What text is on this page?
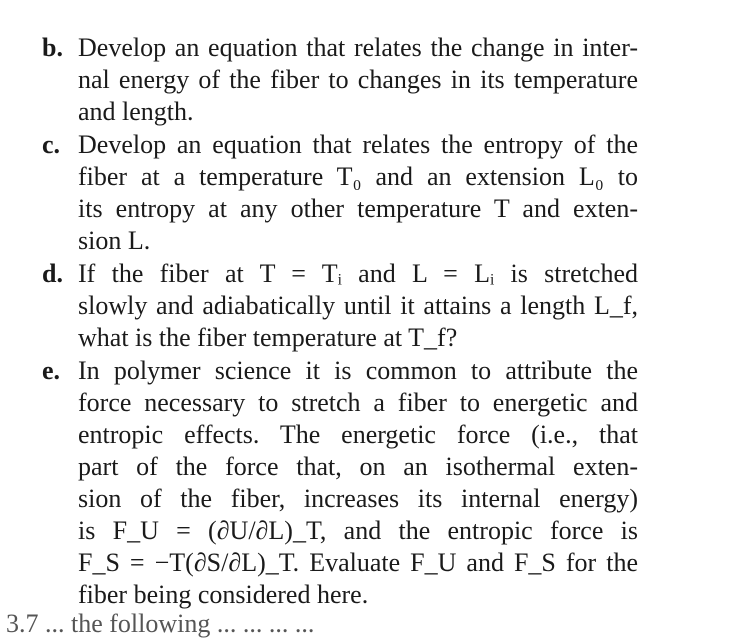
b. Develop an equation that relates the change in inter-
nal energy of the fiber to changes in its temperature
and length.
c. Develop an equation that relates the entropy of the
fiber at a temperature T₀ and an extension L₀ to
its entropy at any other temperature T and exten-
sion L.
d. If the fiber at T = Tᵢ and L = Lᵢ is stretched
slowly and adiabatically until it attains a length L_f,
what is the fiber temperature at T_f?
e. In polymer science it is common to attribute the
force necessary to stretch a fiber to energetic and
entropic effects. The energetic force (i.e., that
part of the force that, on an isothermal exten-
sion of the fiber, increases its internal energy)
is F_U = (∂U/∂L)_T, and the entropic force is
F_S = −T(∂S/∂L)_T. Evaluate F_U and F_S for the
fiber being considered here.
3.7 ... the following ... ... ... ...
